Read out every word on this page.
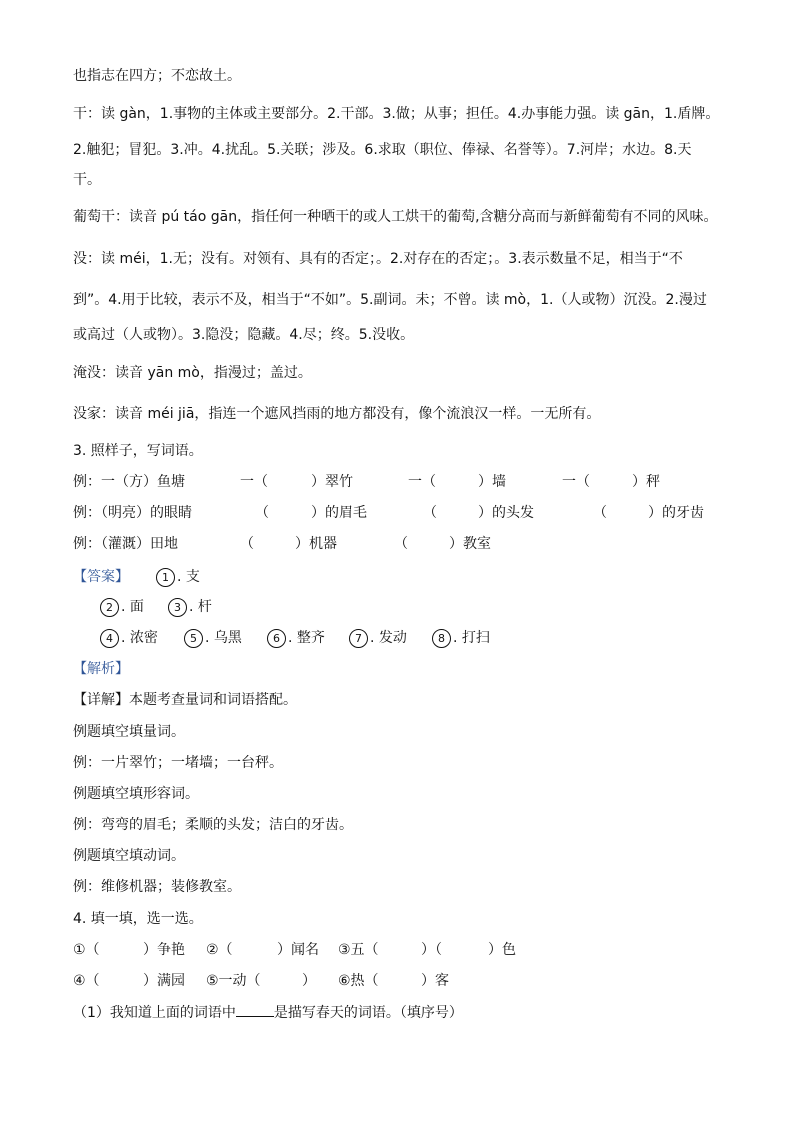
也指志在四方；不恋故土。
干：读 gàn，1.事物的主体或主要部分。2.干部。3.做；从事；担任。4.办事能力强。读 gān，1.盾牌。
2.触犯；冒犯。3.冲。4.扰乱。5.关联；涉及。6.求取（职位、俸禄、名誉等）。7.河岸；水边。8.天
干。
葡萄干：读音 pú táo gān，指任何一种晒干的或人工烘干的葡萄,含糖分高而与新鲜葡萄有不同的风味。
没：读 méi，1.无；没有。对领有、具有的否定；。2.对存在的否定；。3.表示数量不足，相当于“不
到”。4.用于比较，表示不及，相当于“不如”。5.副词。未；不曾。读 mò，1.（人或物）沉没。2.漫过
或高过（人或物）。3.隐没；隐藏。4.尽；终。5.没收。
淹没：读音 yān mò，指漫过；盖过。
没家：读音 méi jiā，指连一个遮风挡雨的地方都没有，像个流浪汉一样。一无所有。
3. 照样子，写词语。
例：一（方）鱼塘	一（	）翠竹	一（	）墙	一（	）秤
例：（明亮）的眼睛	（	）的眉毛	（	）的头发	（	）的牙齿
例：（灌溉）田地	（	）机器	（	）教室
【答案】	1 . 支
2 . 面	3 . 杆
4 . 浓密	5 . 乌黑	6 . 整齐	7 . 发动	8 . 打扫
【解析】
【详解】本题考查量词和词语搭配。
例题填空填量词。
例：一片翠竹；一堵墙；一台秤。
例题填空填形容词。
例：弯弯的眉毛；柔顺的头发；洁白的牙齿。
例题填空填动词。
例：维修机器；装修教室。
4. 填一填，选一选。
①（	）争艳 ②（	）闻名 ③五（	）（	）色
④（	）满园 ⑤一动（	） ⑥热（	）客
（1）我知道上面的词语中	是描写春天的词语。（填序号）
